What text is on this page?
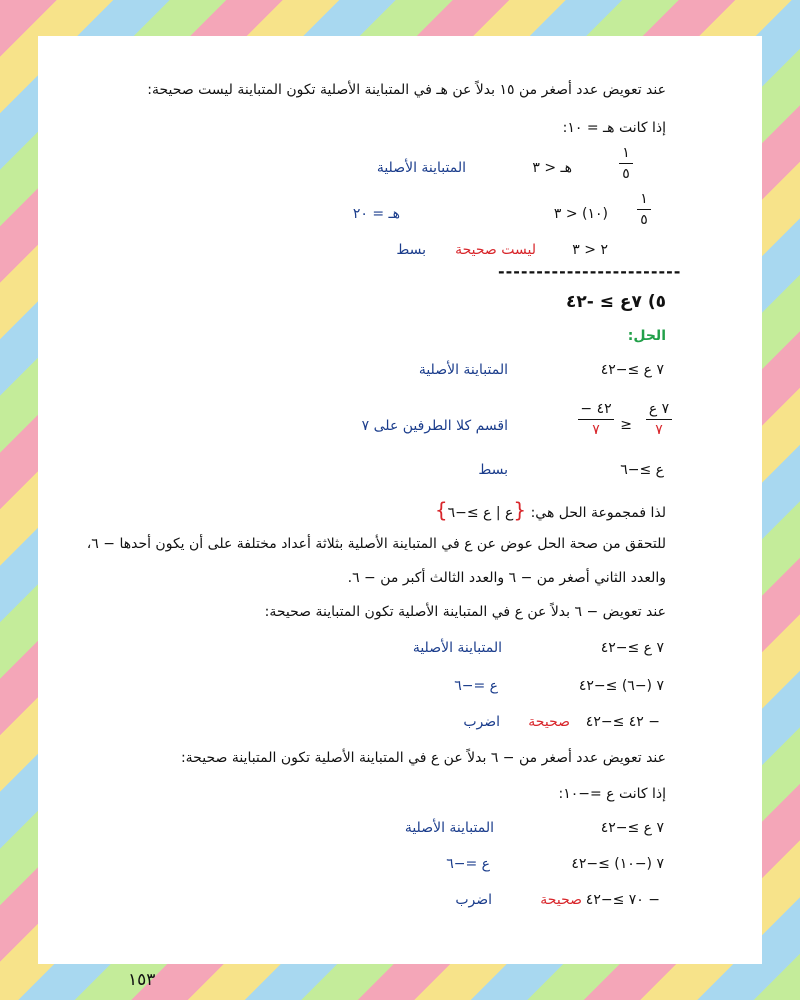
عند تعويض عدد أصغر من ١٥ بدلاً عن هـ في المتباينة الأصلية تكون المتباينة ليست صحيحة:
إذا كانت هـ = ١٠:
هـ < ٣
١
٥
المتباينة الأصلية
(١٠) < ٣
١
٥
هـ = ٢٠
٢ < ٣
ليست صحيحة
بسط
------------------------
٥) ٧ع ≥ -٤٢
الحل:
٧ ع ≥−٤٢
المتباينة الأصلية
− ٤٢
٧	≥
٧ ع
٧
اقسم كلا الطرفين على ٧
ع ≥−٦
بسط
لذا فمجموعة الحل هي: {ع | ع ≥−٦}
للتحقق من صحة الحل عوض عن ع في المتباينة الأصلية بثلاثة أعداد مختلفة على أن يكون أحدها − ٦،
والعدد الثاني أصغر من − ٦ والعدد الثالث أكبر من − ٦.
عند تعويض − ٦ بدلاً عن ع في المتباينة الأصلية تكون المتباينة صحيحة:
٧ ع ≥−٤٢
المتباينة الأصلية
٧ (−٦) ≥−٤٢
ع =−٦
− ٤٢ ≥−٤٢
صحيحة
اضرب
عند تعويض عدد أصغر من − ٦ بدلاً عن ع في المتباينة الأصلية تكون المتباينة صحيحة:
إذا كانت ع =−١٠:
٧ ع ≥−٤٢
المتباينة الأصلية
٧ (−١٠) ≥−٤٢
ع =−٦
− ٧٠ ≥−٤٢
صحيحة
اضرب
١٥٣
